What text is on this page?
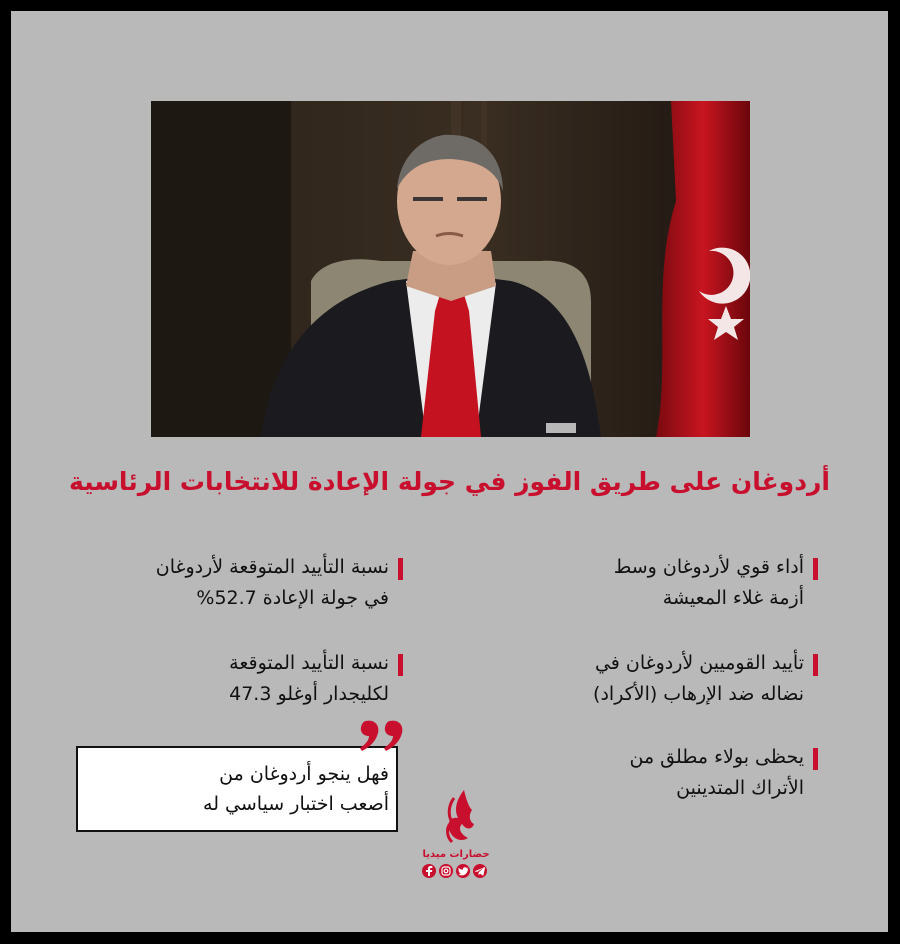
أردوغان على طريق الفوز في جولة الإعادة للانتخابات الرئاسية
أداء قوي لأردوغان وسط
أزمة غلاء المعيشة
تأييد القوميين لأردوغان في
نضاله ضد الإرهاب (الأكراد)
يحظى بولاء مطلق من
الأتراك المتدينين
نسبة التأييد المتوقعة لأردوغان
في جولة الإعادة 52.7%
نسبة التأييد المتوقعة
لكليجدار أوغلو 47.3
فهل ينجو أردوغان من
أصعب اختبار سياسي له
حضارات ميديا
